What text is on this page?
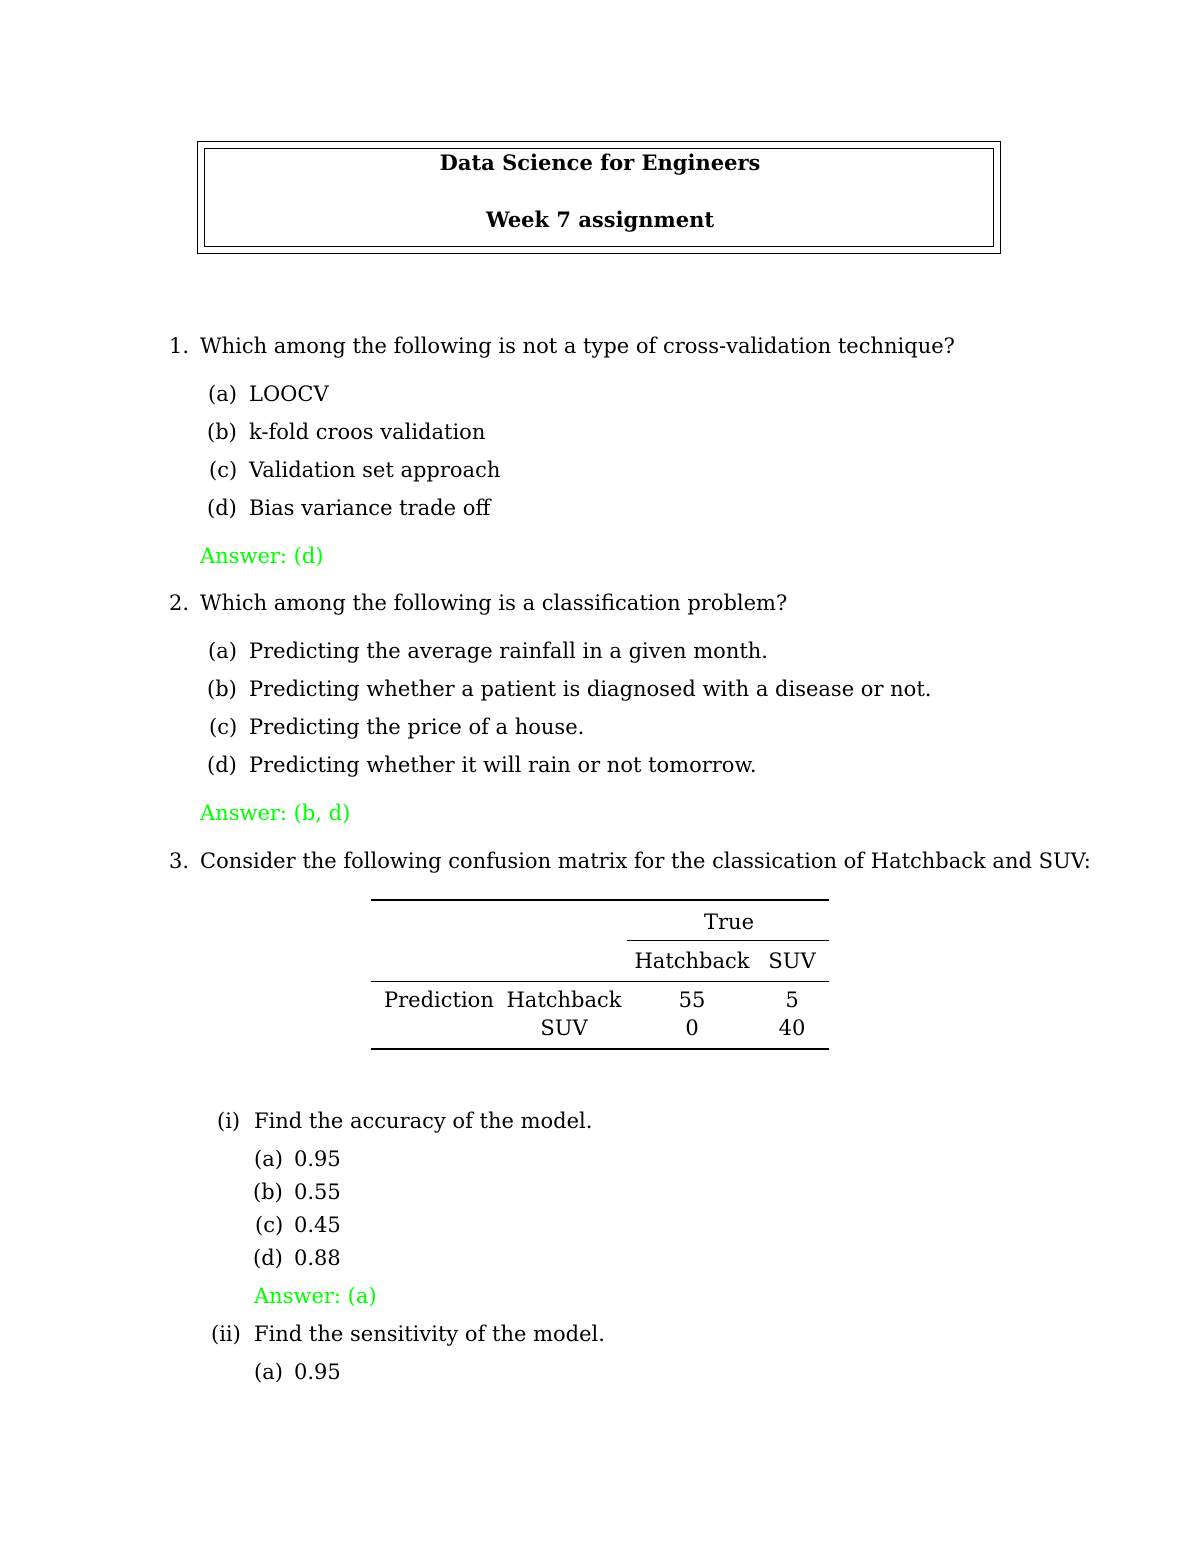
Data Science for Engineers
Week 7 assignment
1. Which among the following is not a type of cross-validation technique?
(a) LOOCV
(b) k-fold croos validation
(c) Validation set approach
(d) Bias variance trade off
Answer: (d)
2. Which among the following is a classification problem?
(a) Predicting the average rainfall in a given month.
(b) Predicting whether a patient is diagnosed with a disease or not.
(c) Predicting the price of a house.
(d) Predicting whether it will rain or not tomorrow.
Answer: (b, d)
3. Consider the following confusion matrix for the classication of Hatchback and SUV:
True
Hatchback SUV
Prediction Hatchback	55	5
SUV	0	40
(i) Find the accuracy of the model.
(a) 0.95
(b) 0.55
(c) 0.45
(d) 0.88
Answer: (a)
(ii) Find the sensitivity of the model.
(a) 0.95
